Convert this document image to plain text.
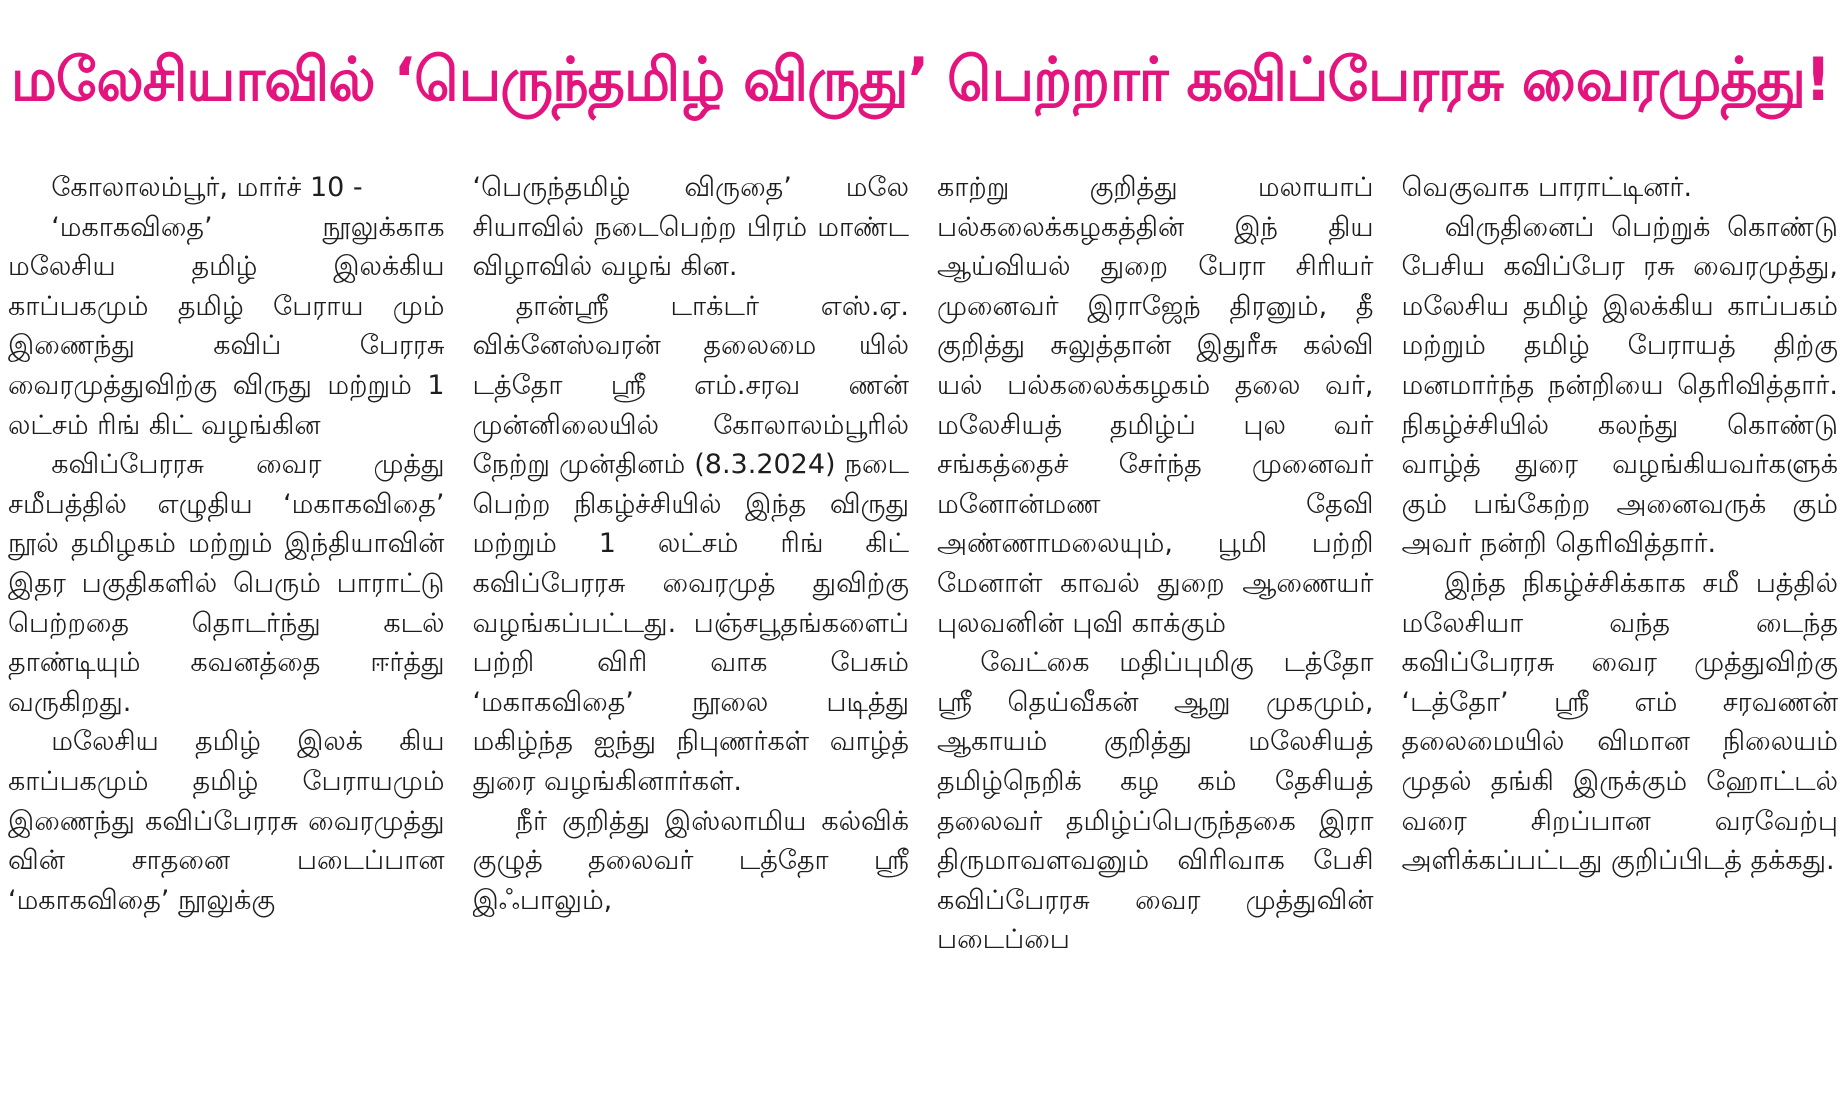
மலேசியாவில் ‘பெருந்தமிழ் விருது’ பெற்றார் கவிப்பேரரசு வைரமுத்து!

கோலாலம்பூர், மார்ச் 10 -

‘மகாகவிதை’ நூலுக்காக மலேசிய தமிழ் இலக்கிய காப்பகமும் தமிழ் பேராய மும் இணைந்து கவிப் பேரரசு வைரமுத்துவிற்கு விருது மற்றும் 1 லட்சம் ரிங் கிட் வழங்கின

கவிப்பேரரசு வைர முத்து சமீபத்தில் எழுதிய ‘மகாகவிதை’ நூல் தமிழகம் மற்றும் இந்தியாவின் இதர பகுதிகளில் பெரும் பாராட்டு பெற்றதை தொடர்ந்து கடல் தாண்டியும் கவனத்தை ஈர்த்து வருகிறது.

மலேசிய தமிழ் இலக் கிய காப்பகமும் தமிழ் பேராயமும் இணைந்து கவிப்பேரரசு வைரமுத்து வின் சாதனை படைப்பான ‘மகாகவிதை’ நூலுக்கு

‘பெருந்தமிழ் விருதை’ மலே சியாவில் நடைபெற்ற பிரம் மாண்ட விழாவில் வழங் கின.

தான்ஸ்ரீ டாக்டர் எஸ்.ஏ. விக்னேஸ்வரன் தலைமை யில் டத்தோ ஸ்ரீ எம்.சரவ ணன் முன்னிலையில் கோலாலம்பூரில் நேற்று முன்தினம் (8.3.2024) நடை பெற்ற நிகழ்ச்சியில் இந்த விருது மற்றும் 1 லட்சம் ரிங் கிட் கவிப்பேரரசு வைரமுத் துவிற்கு வழங்கப்பட்டது. பஞ்சபூதங்களைப் பற்றி விரி வாக பேசும் ‘மகாகவிதை’ நூலை படித்து மகிழ்ந்த ஐந்து நிபுணர்கள் வாழ்த் துரை வழங்கினார்கள்.

நீர் குறித்து இஸ்லாமிய கல்விக் குழுத் தலைவர் டத்தோ ஸ்ரீ இஃபாலும்,

காற்று குறித்து மலாயாப் பல்கலைக்கழகத்தின் இந் திய ஆய்வியல் துறை பேரா சிரியர் முனைவர் இராஜேந் திரனும், தீ குறித்து சுலுத்தான் இதுரீசு கல்வி யல் பல்கலைக்கழகம் தலை வர், மலேசியத் தமிழ்ப் புல வர் சங்கத்தைச் சேர்ந்த முனைவர் மனோன்மண தேவி அண்ணாமலையும், பூமி பற்றி மேனாள் காவல் துறை ஆணையர் புலவனின் புவி காக்கும்

வேட்கை மதிப்புமிகு டத்தோ ஸ்ரீ தெய்வீகன் ஆறு முகமும், ஆகாயம் குறித்து மலேசியத் தமிழ்நெறிக் கழ கம் தேசியத் தலைவர் தமிழ்ப்பெருந்தகை இரா திருமாவளவனும் விரிவாக பேசி கவிப்பேரரசு வைர முத்துவின் படைப்பை

வெகுவாக பாராட்டினர்.

விருதினைப் பெற்றுக் கொண்டு பேசிய கவிப்பேர ரசு வைரமுத்து, மலேசிய தமிழ் இலக்கிய காப்பகம் மற்றும் தமிழ் பேராயத் திற்கு மனமார்ந்த நன்றியை தெரிவித்தார். நிகழ்ச்சியில் கலந்து கொண்டு வாழ்த் துரை வழங்கியவர்களுக் கும் பங்கேற்ற அனைவருக் கும் அவர் நன்றி தெரிவித்தார்.

இந்த நிகழ்ச்சிக்காக சமீ பத்தில் மலேசியா வந்த டைந்த கவிப்பேரரசு வைர முத்துவிற்கு ‘டத்தோ’ ஸ்ரீ எம் சரவணன் தலைமையில் விமான நிலையம் முதல் தங்கி இருக்கும் ஹோட்டல் வரை சிறப்பான வரவேற்பு அளிக்கப்பட்டது குறிப்பிடத் தக்கது.
